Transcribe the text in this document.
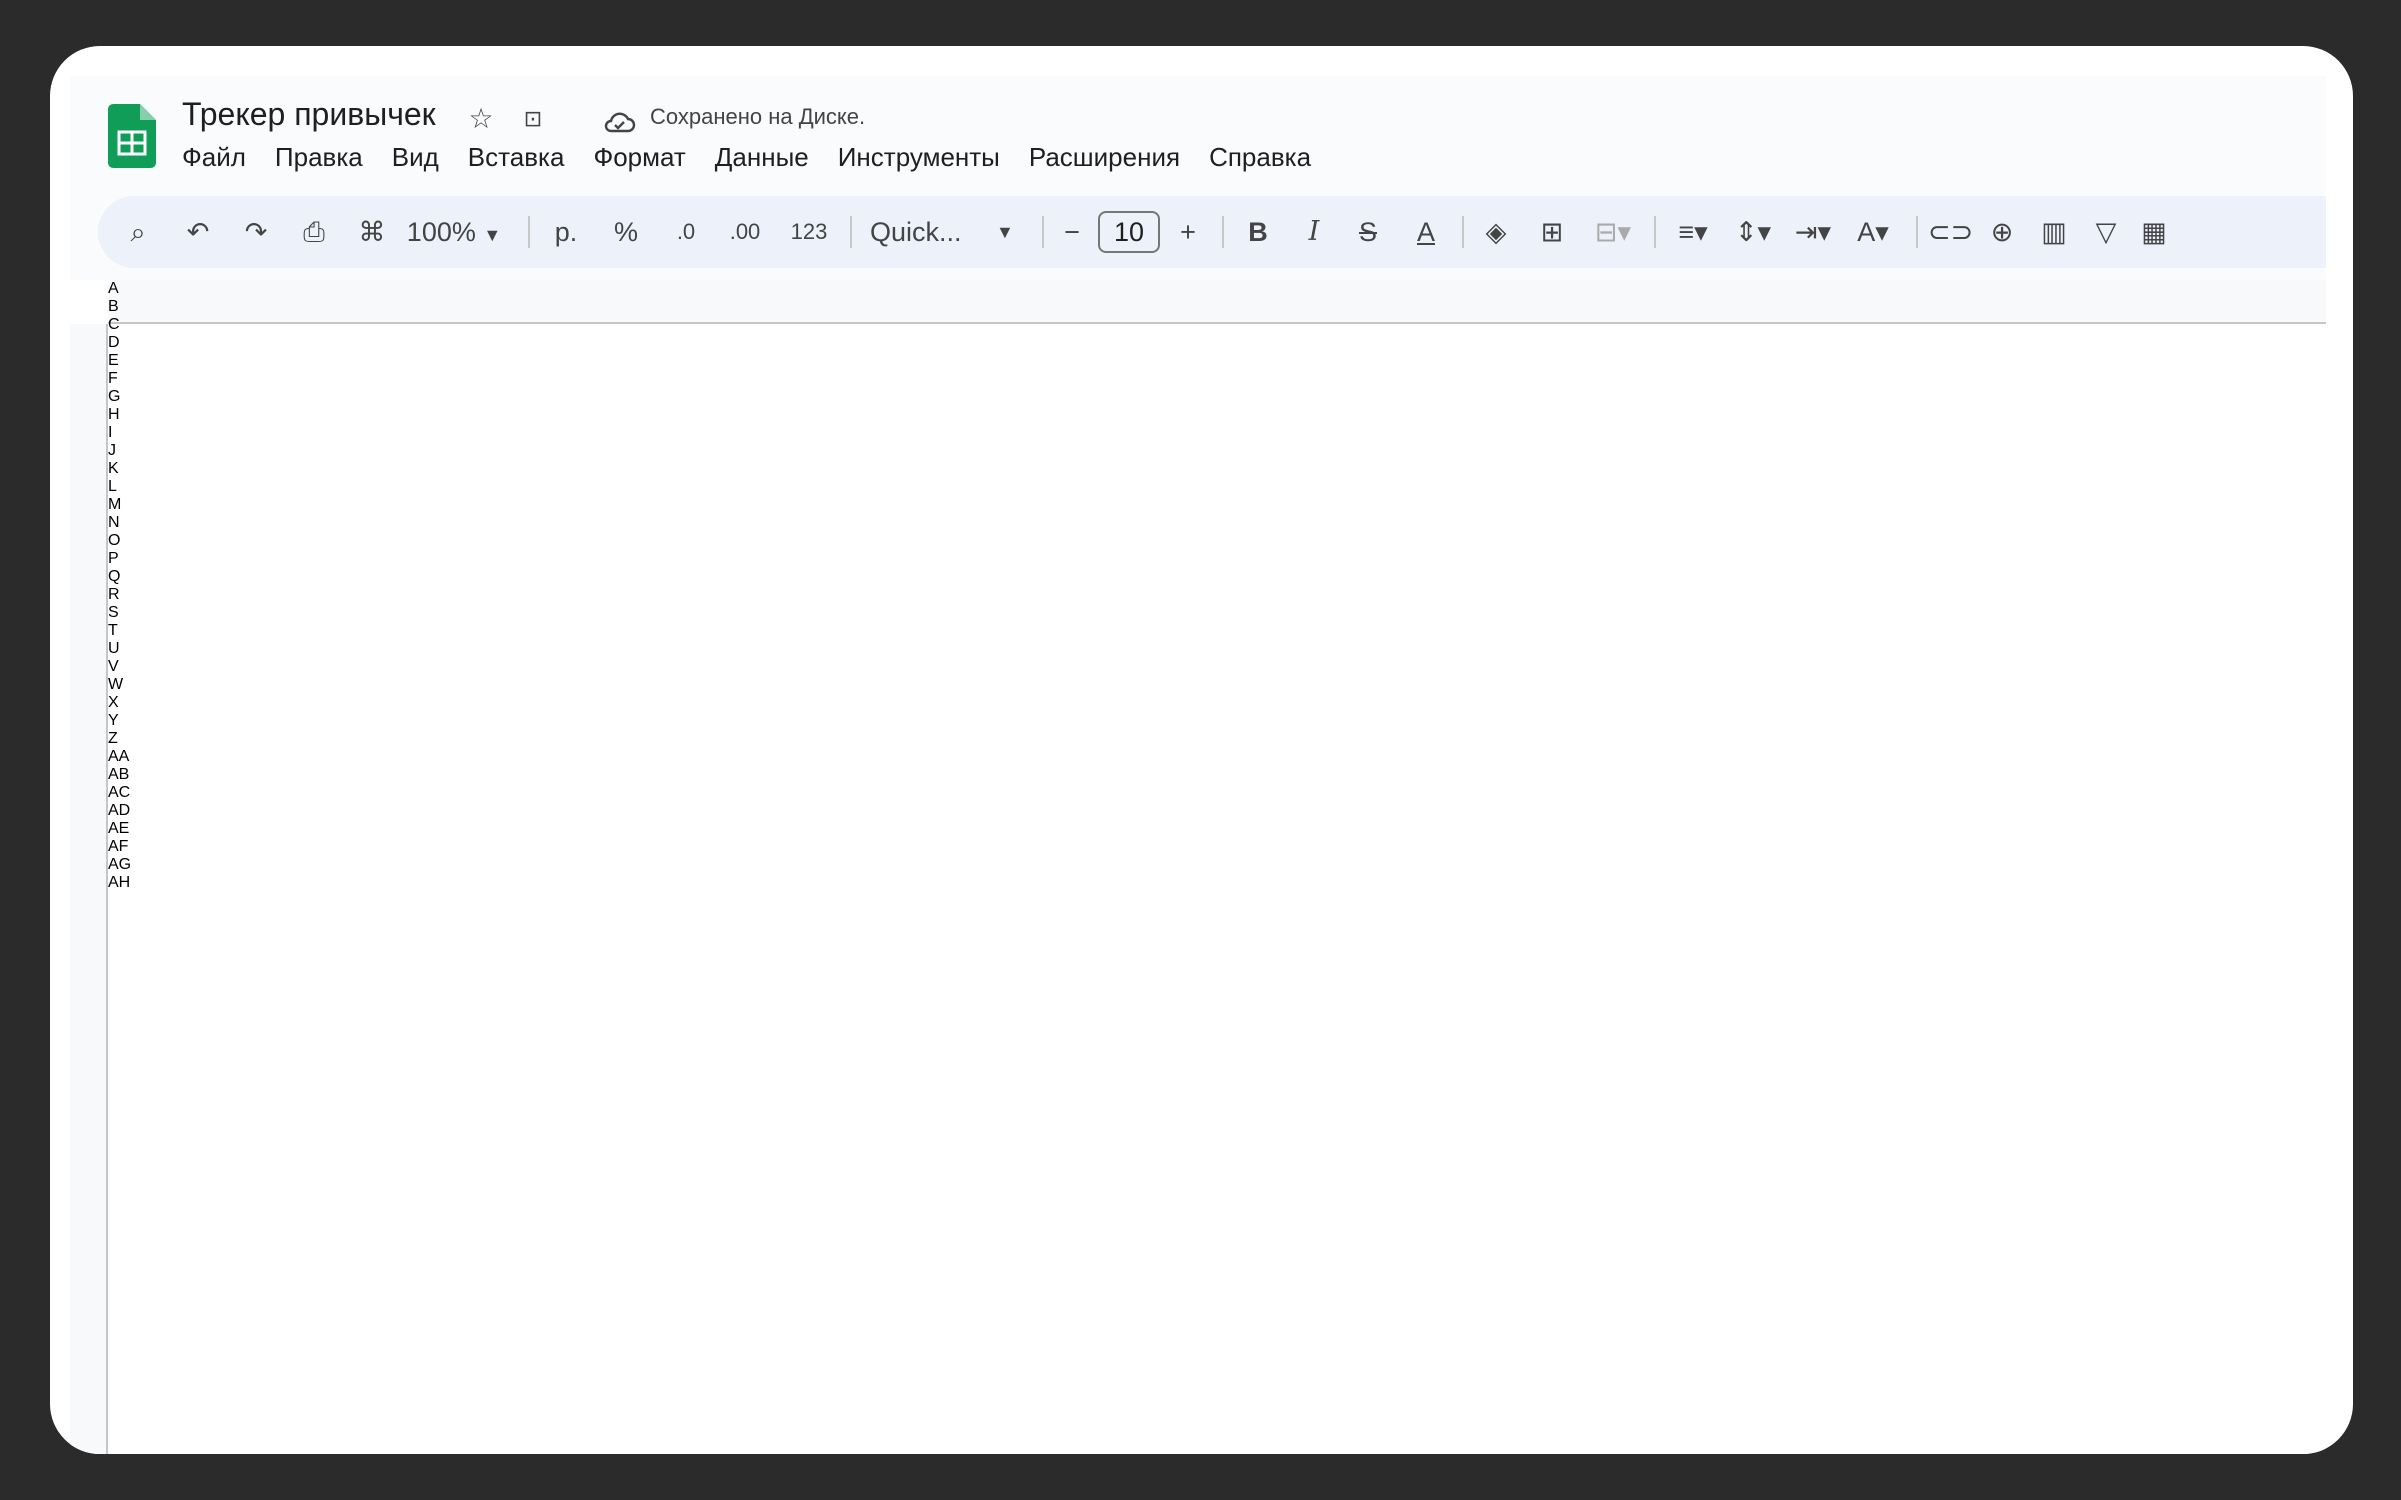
Трекер привычек ☆	⊡	Сохранено на Диске.
Файл Правка Вид Вставка Формат Данные Инструменты Расширения Справка
⌕	↶	↷	⎙	⌘ 100% ▼	р.	%	.0	.00	123 Quick... ▼	−	10	+	B	I	S	A	◈	⊞	⊟▾	≡▾	⇕▾ ⇥▾ A▾	⊂⊃ ⊕	▥	▽ ▦
A
B
C
D
E
F
G
H
I
J
K
L
M
N
O
P
Q
R
S
T
U
V
W
X
Y
Z
AA
AB
AC
AD
AE
AF
AG
AH
